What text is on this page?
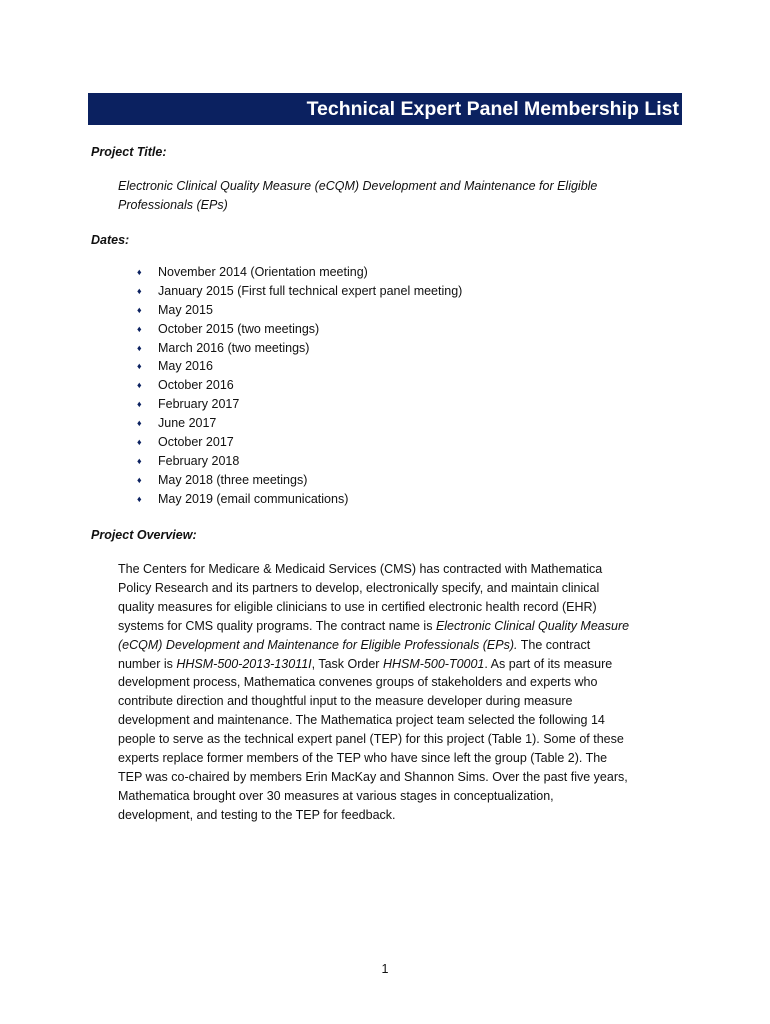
Technical Expert Panel Membership List
Project Title:
Electronic Clinical Quality Measure (eCQM) Development and Maintenance for Eligible
Professionals (EPs)
Dates:
♦ November 2014 (Orientation meeting)
♦ January 2015 (First full technical expert panel meeting)
♦ May 2015
♦ October 2015 (two meetings)
♦ March 2016 (two meetings)
♦ May 2016
♦ October 2016
♦ February 2017
♦ June 2017
♦ October 2017
♦ February 2018
♦ May 2018 (three meetings)
♦ May 2019 (email communications)
Project Overview:
The Centers for Medicare & Medicaid Services (CMS) has contracted with Mathematica
Policy Research and its partners to develop, electronically specify, and maintain clinical
quality measures for eligible clinicians to use in certified electronic health record (EHR)
systems for CMS quality programs. The contract name is Electronic Clinical Quality Measure
(eCQM) Development and Maintenance for Eligible Professionals (EPs). The contract
number is HHSM-500-2013-13011I, Task Order HHSM-500-T0001. As part of its measure
development process, Mathematica convenes groups of stakeholders and experts who
contribute direction and thoughtful input to the measure developer during measure
development and maintenance. The Mathematica project team selected the following 14
people to serve as the technical expert panel (TEP) for this project (Table 1). Some of these
experts replace former members of the TEP who have since left the group (Table 2). The
TEP was co-chaired by members Erin MacKay and Shannon Sims. Over the past five years,
Mathematica brought over 30 measures at various stages in conceptualization,
development, and testing to the TEP for feedback.
1
